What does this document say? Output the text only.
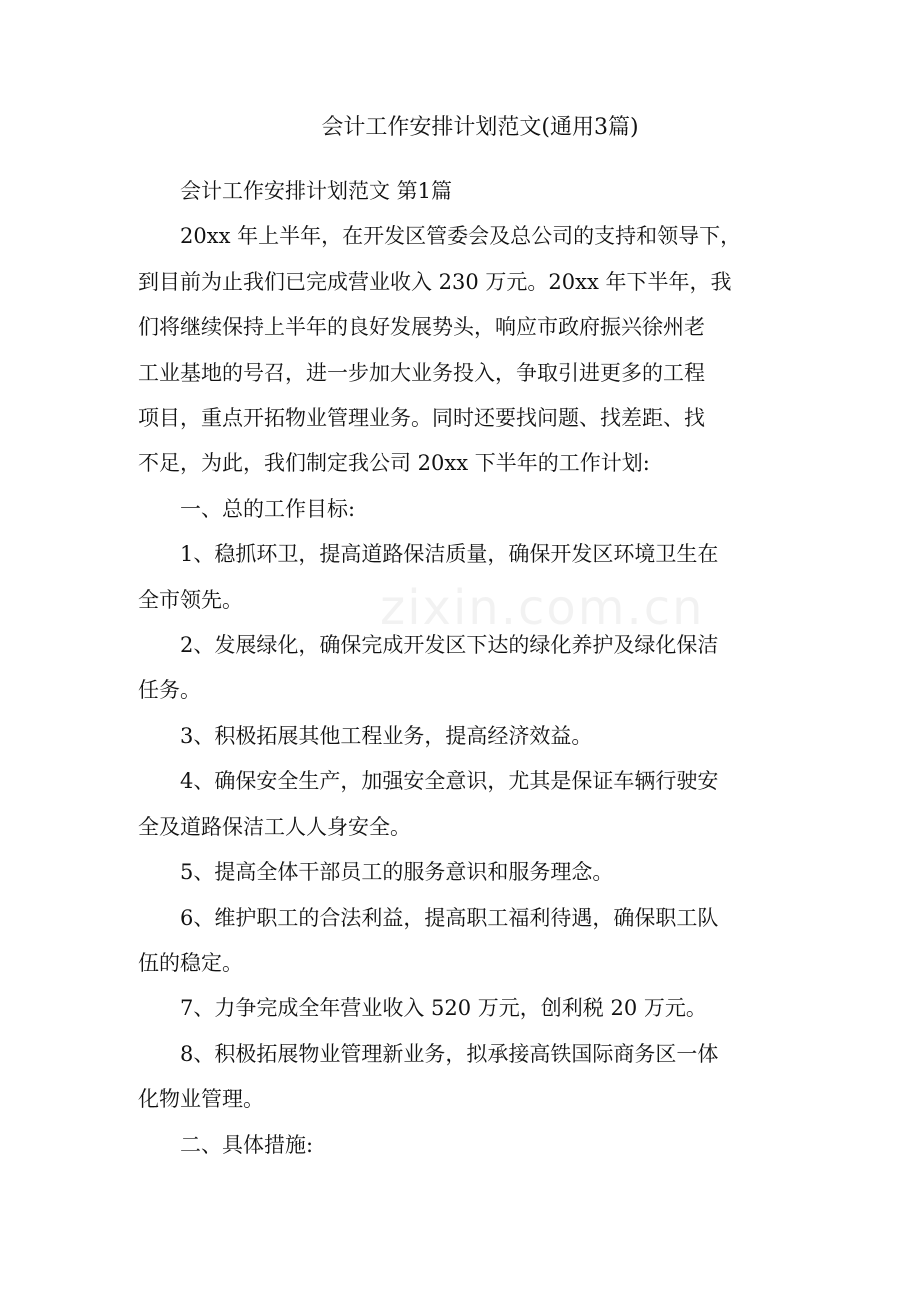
会计工作安排计划范文(通用3篇)

会计工作安排计划范文 第1篇

20xx 年上半年，在开发区管委会及总公司的支持和领导下，

到目前为止我们已完成营业收入 230 万元。20xx 年下半年，我

们将继续保持上半年的良好发展势头，响应市政府振兴徐州老

工业基地的号召，进一步加大业务投入，争取引进更多的工程

项目，重点开拓物业管理业务。同时还要找问题、找差距、找

不足，为此，我们制定我公司 20xx 下半年的工作计划:

一、总的工作目标:

1、稳抓环卫，提高道路保洁质量，确保开发区环境卫生在

全市领先。

2、发展绿化，确保完成开发区下达的绿化养护及绿化保洁

任务。

3、积极拓展其他工程业务，提高经济效益。

4、确保安全生产，加强安全意识，尤其是保证车辆行驶安

全及道路保洁工人人身安全。

5、提高全体干部员工的服务意识和服务理念。

6、维护职工的合法利益，提高职工福利待遇，确保职工队

伍的稳定。

7、力争完成全年营业收入 520 万元，创利税 20 万元。

8、积极拓展物业管理新业务，拟承接高铁国际商务区一体

化物业管理。

二、具体措施:

zixin.com.cn
